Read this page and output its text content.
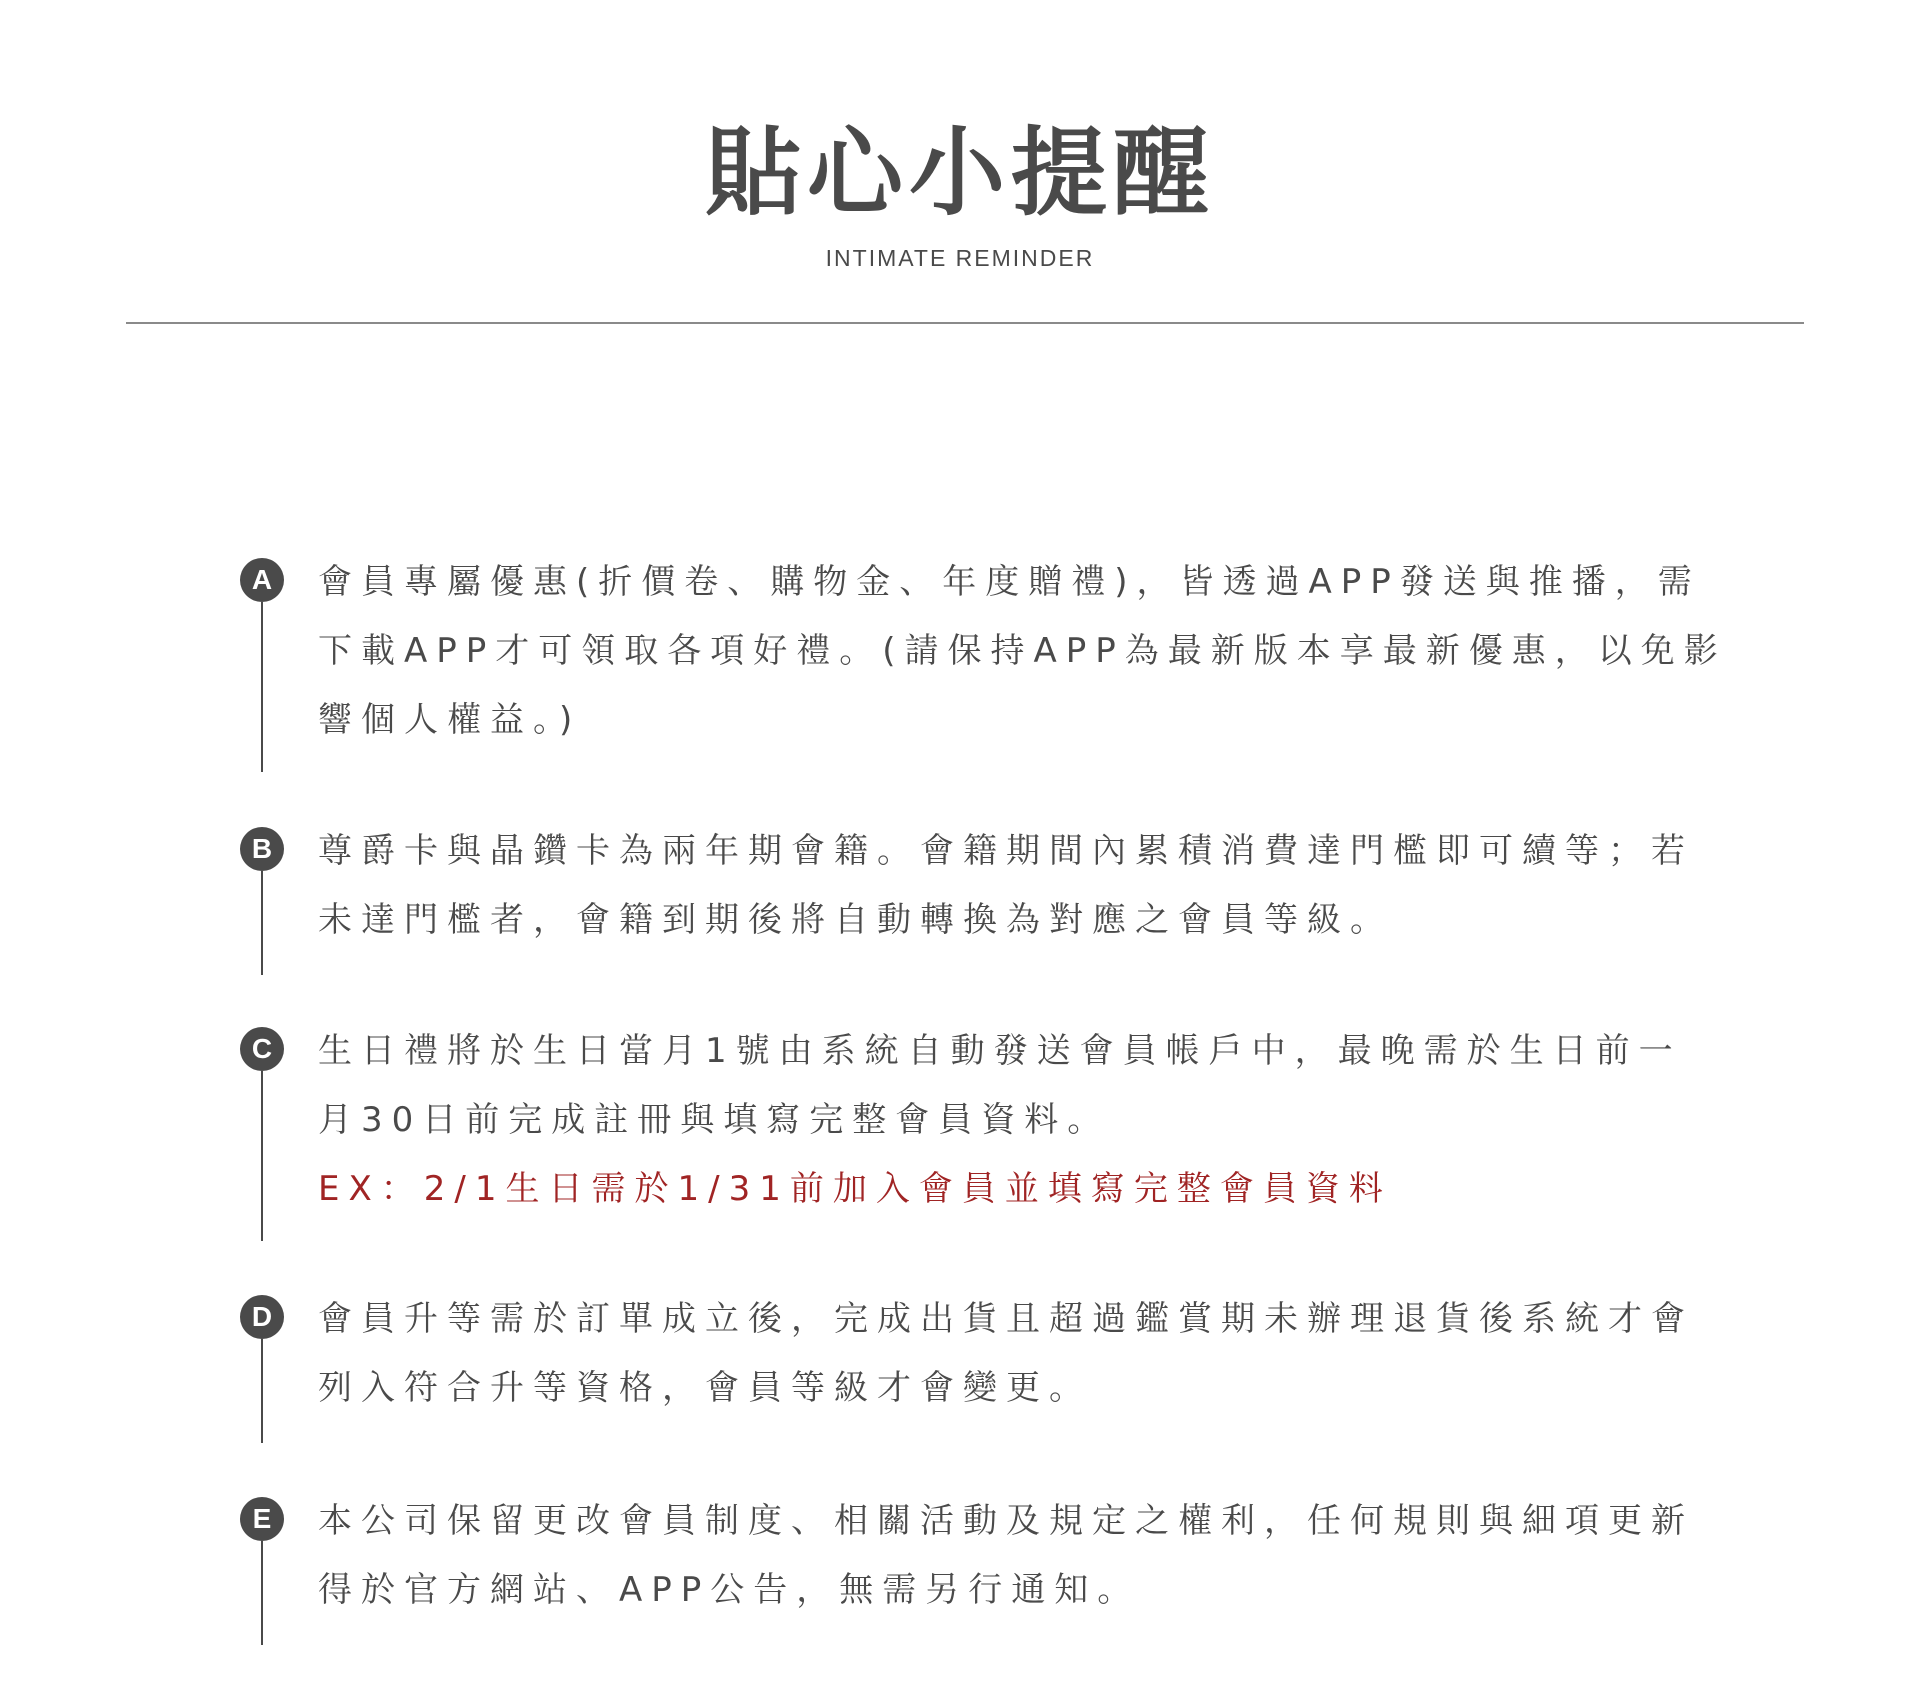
貼心小提醒
INTIMATE REMINDER
A	會員專屬優惠(折價卷、購物金、年度贈禮)，皆透過APP發送與推播，需
下載APP才可領取各項好禮。(請保持APP為最新版本享最新優惠，以免影
響個人權益。)
B	尊爵卡與晶鑽卡為兩年期會籍。會籍期間內累積消費達門檻即可續等；若
未達門檻者，會籍到期後將自動轉換為對應之會員等級。
C	生日禮將於生日當月1號由系統自動發送會員帳戶中，最晚需於生日前一
月30日前完成註冊與填寫完整會員資料。
EX：2/1生日需於1/31前加入會員並填寫完整會員資料
D	會員升等需於訂單成立後，完成出貨且超過鑑賞期未辦理退貨後系統才會
列入符合升等資格，會員等級才會變更。
E	本公司保留更改會員制度、相關活動及規定之權利，任何規則與細項更新
得於官方網站、APP公告，無需另行通知。
